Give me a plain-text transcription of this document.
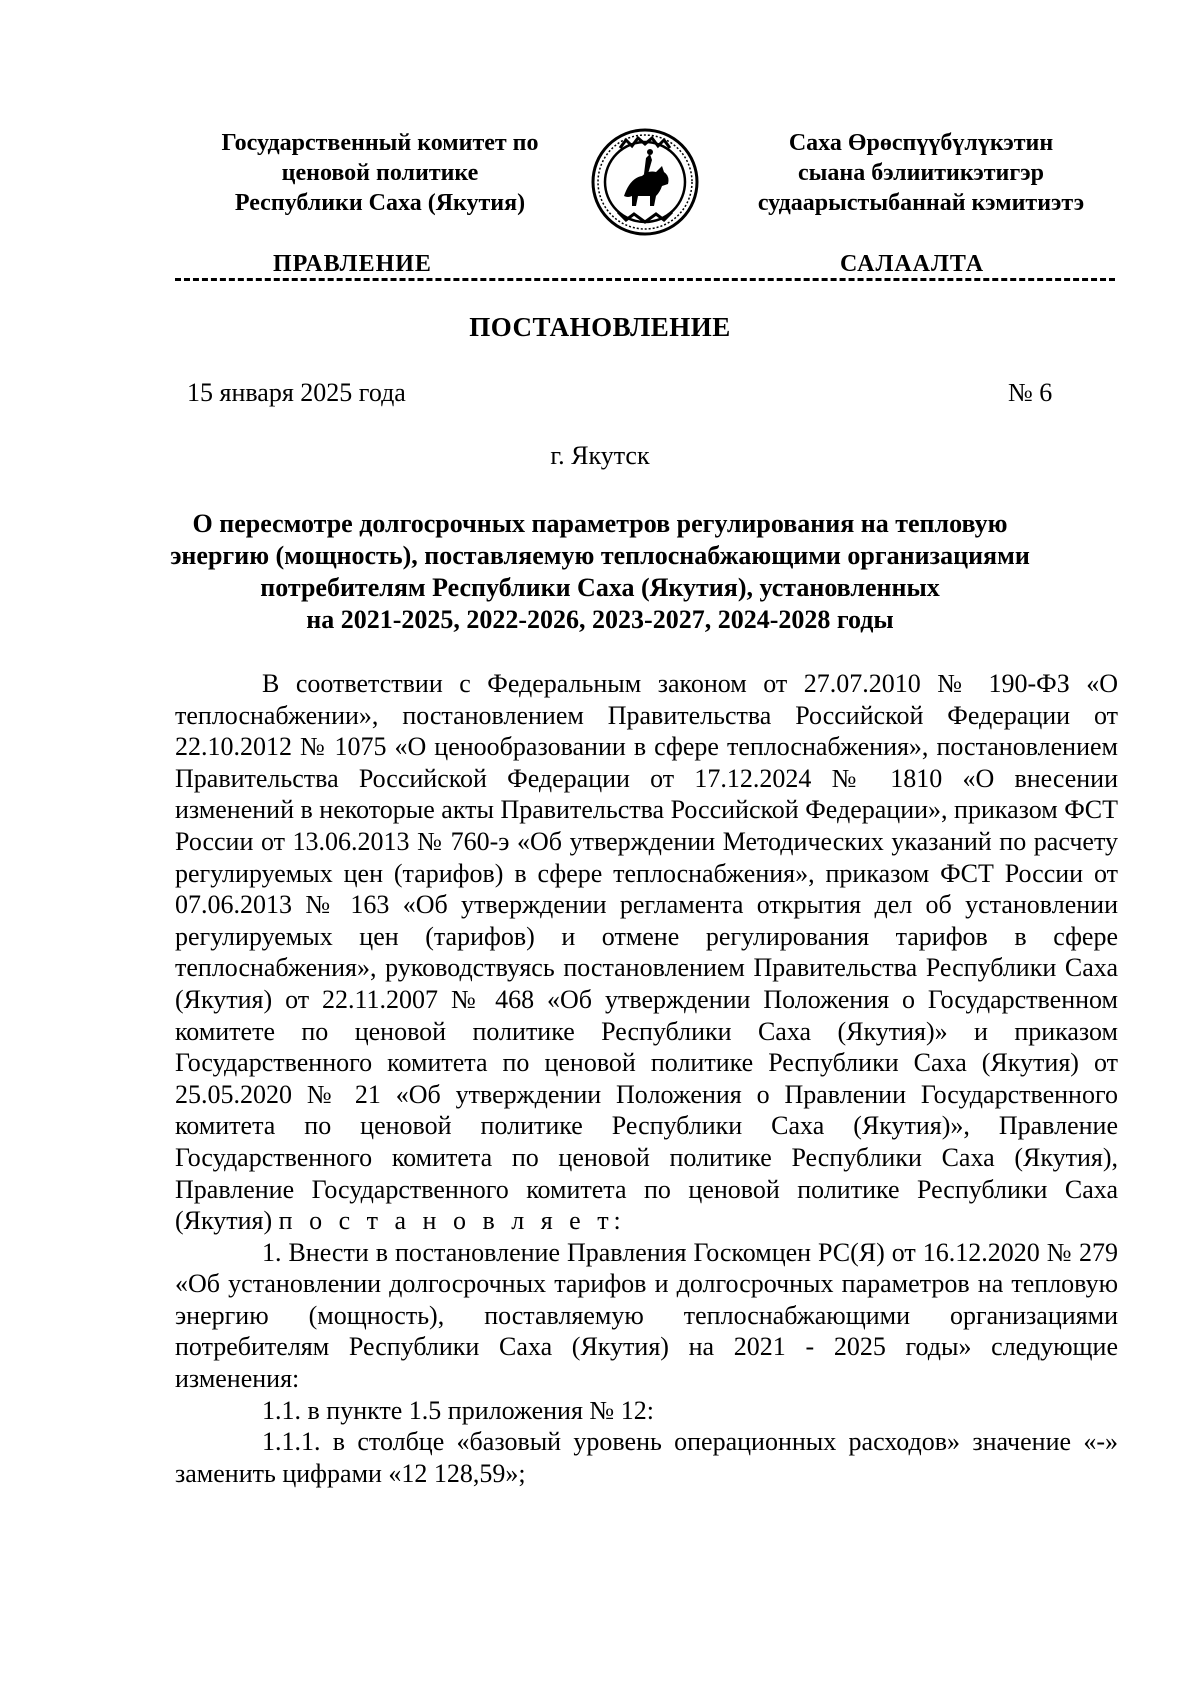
Государственный комитет по
ценовой политике
Республики Саха (Якутия)
Саха Өрөспүүбүлүкэтин
сыана бэлиитикэтигэр
судаарыстыбаннай кэмитиэтэ
ПРАВЛЕНИЕ	САЛААЛТА
ПОСТАНОВЛЕНИЕ
15 января 2025 года	№ 6
г. Якутск
О пересмотре долгосрочных параметров регулирования на тепловую
энергию (мощность), поставляемую теплоснабжающими организациями
потребителям Республики Саха (Якутия), установленных
на 2021-2025, 2022-2026, 2023-2027, 2024-2028 годы

В соответствии с Федеральным законом от 27.07.2010 № 190-ФЗ «О теплоснабжении», постановлением Правительства Российской Федерации от 22.10.2012 № 1075 «О ценообразовании в сфере теплоснабжения», постановлением Правительства Российской Федерации от 17.12.2024 № 1810 «О внесении изменений в некоторые акты Правительства Российской Федерации», приказом ФСТ России от 13.06.2013 № 760-э «Об утверждении Методических указаний по расчету регулируемых цен (тарифов) в сфере теплоснабжения», приказом ФСТ России от 07.06.2013 № 163 «Об утверждении регламента открытия дел об установлении регулируемых цен (тарифов) и отмене регулирования тарифов в сфере теплоснабжения», руководствуясь постановлением Правительства Республики Саха (Якутия) от 22.11.2007 № 468 «Об утверждении Положения о Государственном комитете по ценовой политике Республики Саха (Якутия)» и приказом Государственного комитета по ценовой политике Республики Саха (Якутия) от 25.05.2020 № 21 «Об утверждении Положения о Правлении Государственного комитета по ценовой политике Республики Саха (Якутия)», Правление Государственного комитета по ценовой политике Республики Саха (Якутия), Правление Государственного комитета по ценовой политике Республики Саха (Якутия) п о с т а н о в л я е т:

1. Внести в постановление Правления Госкомцен РС(Я) от 16.12.2020 № 279 «Об установлении долгосрочных тарифов и долгосрочных параметров на тепловую энергию (мощность), поставляемую теплоснабжающими организациями потребителям Республики Саха (Якутия) на 2021 - 2025 годы» следующие изменения:

1.1. в пункте 1.5 приложения № 12:

1.1.1. в столбце «базовый уровень операционных расходов» значение «-» заменить цифрами «12 128,59»;
